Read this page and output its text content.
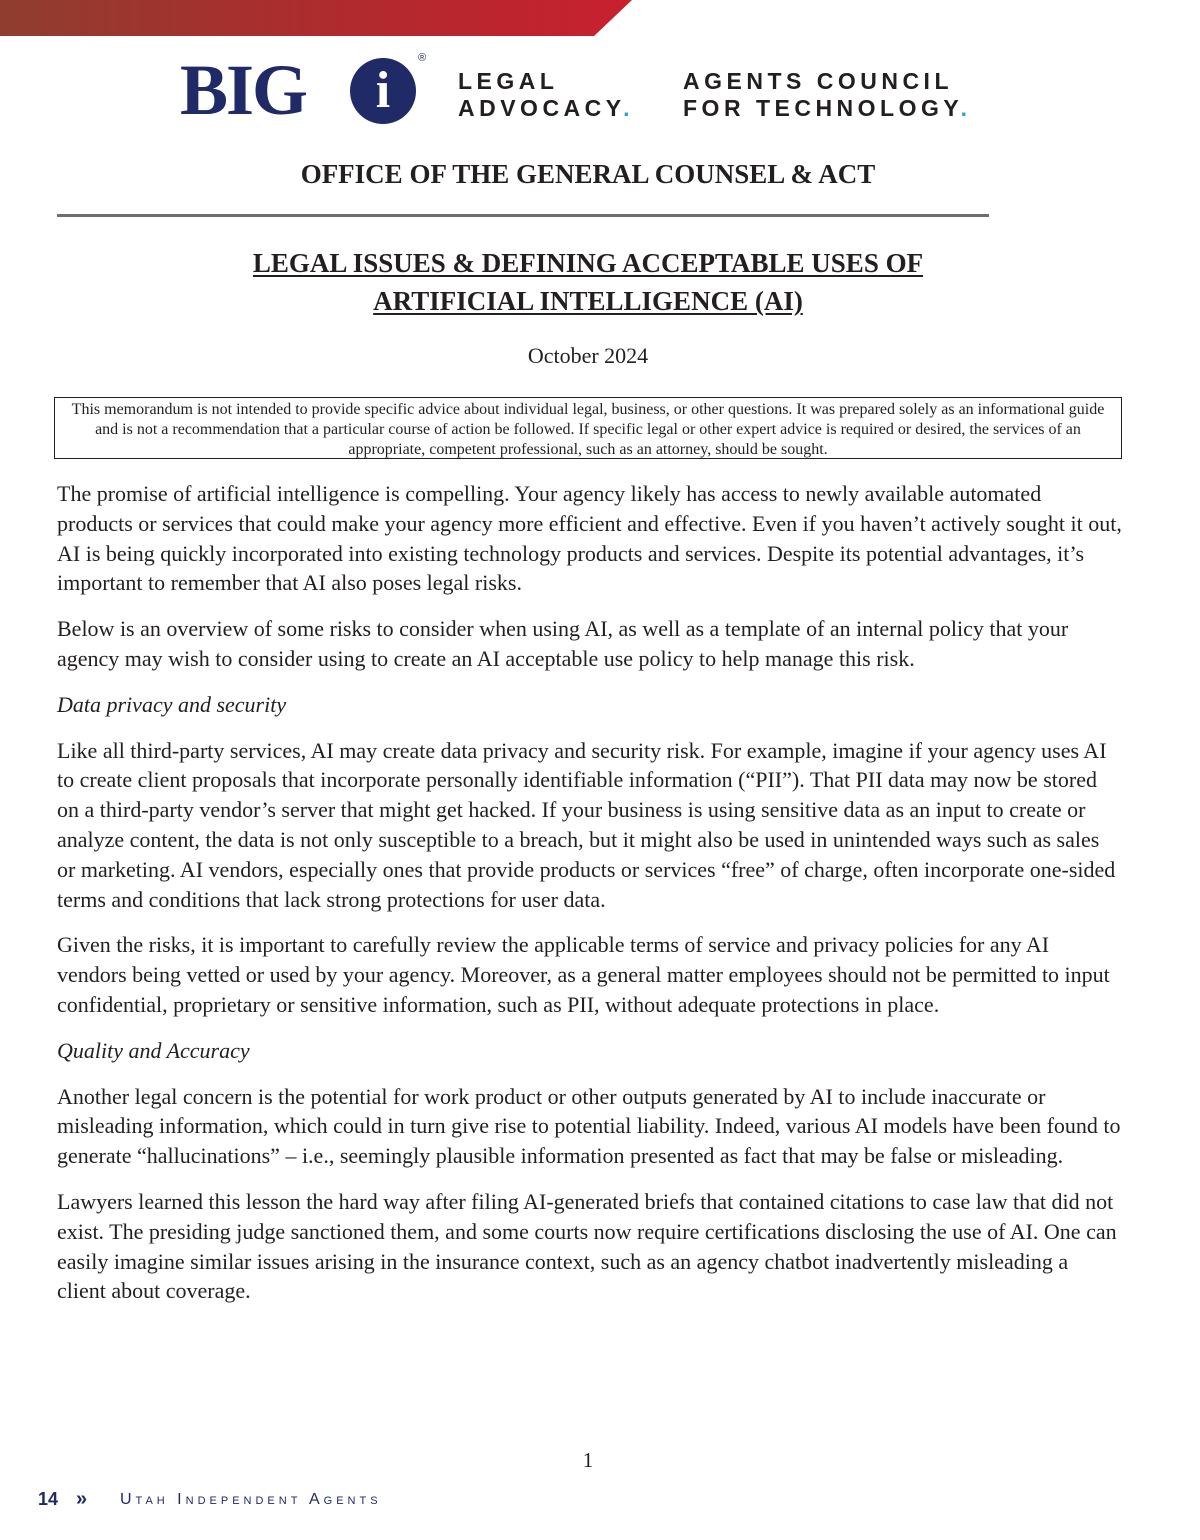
BIG	i
®
LEGAL
ADVOCACY.
AGENTS COUNCIL
FOR TECHNOLOGY.
OFFICE OF THE GENERAL COUNSEL & ACT
LEGAL ISSUES & DEFINING ACCEPTABLE USES OF
ARTIFICIAL INTELLIGENCE (AI)
October 2024
This memorandum is not intended to provide specific advice about individual legal, business, or other questions. It was prepared solely as an informational guide and is not a recommendation that a particular course of action be followed. If specific legal or other expert advice is required or desired, the services of an appropriate, competent professional, such as an attorney, should be sought.

The promise of artificial intelligence is compelling. Your agency likely has access to newly available automated products or services that could make your agency more efficient and effective. Even if you haven’t actively sought it out, AI is being quickly incorporated into existing technology products and services. Despite its potential advantages, it’s important to remember that AI also poses legal risks.

Below is an overview of some risks to consider when using AI, as well as a template of an internal policy that your agency may wish to consider using to create an AI acceptable use policy to help manage this risk.

Data privacy and security

Like all third-party services, AI may create data privacy and security risk. For example, imagine if your agency uses AI to create client proposals that incorporate personally identifiable information (“PII”). That PII data may now be stored on a third-party vendor’s server that might get hacked. If your business is using sensitive data as an input to create or analyze content, the data is not only susceptible to a breach, but it might also be used in unintended ways such as sales or marketing. AI vendors, especially ones that provide products or services “free” of charge, often incorporate one-sided terms and conditions that lack strong protections for user data.

Given the risks, it is important to carefully review the applicable terms of service and privacy policies for any AI vendors being vetted or used by your agency. Moreover, as a general matter employees should not be permitted to input confidential, proprietary or sensitive information, such as PII, without adequate protections in place.

Quality and Accuracy

Another legal concern is the potential for work product or other outputs generated by AI to include inaccurate or misleading information, which could in turn give rise to potential liability. Indeed, various AI models have been found to generate “hallucinations” – i.e., seemingly plausible information presented as fact that may be false or misleading.

Lawyers learned this lesson the hard way after filing AI-generated briefs that contained citations to case law that did not exist. The presiding judge sanctioned them, and some courts now require certifications disclosing the use of AI. One can easily imagine similar issues arising in the insurance context, such as an agency chatbot inadvertently misleading a client about coverage.

1
14 » Utah Independent Agents
